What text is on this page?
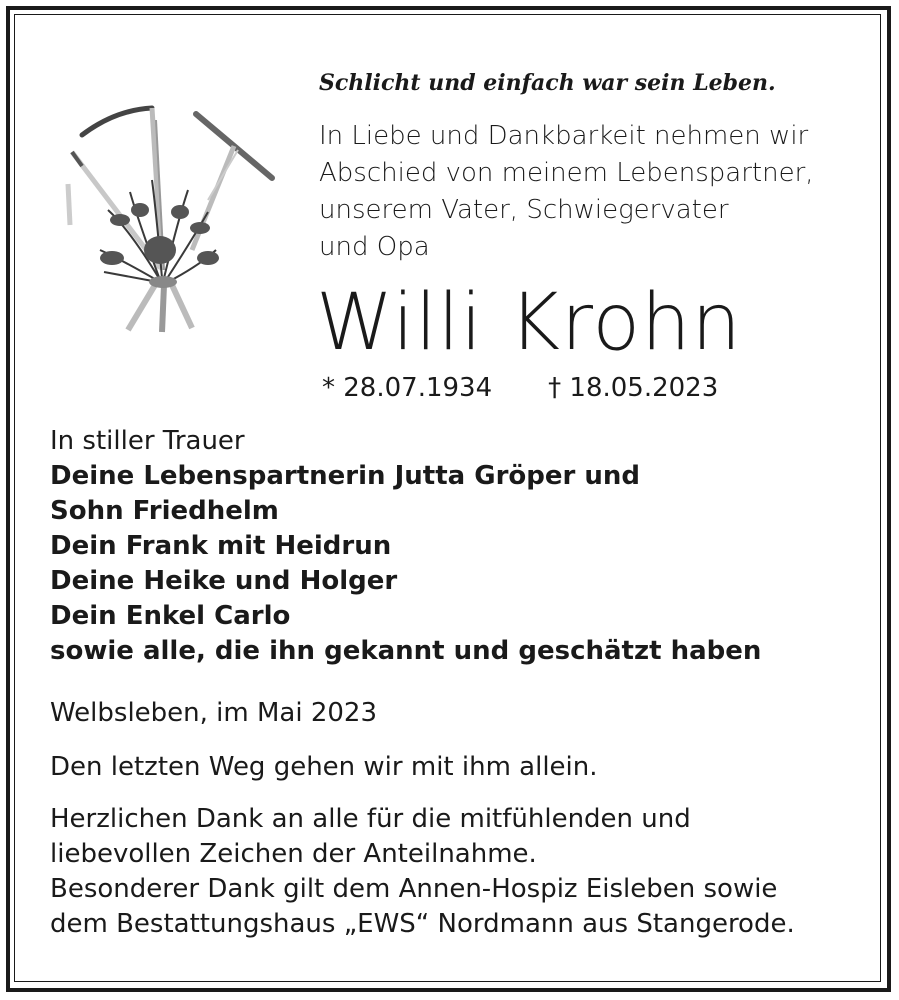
Schlicht und einfach war sein Leben.

In Liebe und Dankbarkeit nehmen wir
Abschied von meinem Lebenspartner,
unserem Vater, Schwiegervater
und Opa
Willi Krohn
* 28.07.1934 † 18.05.2023
In stiller Trauer
Deine Lebenspartnerin Jutta Gröper und
Sohn Friedhelm
Dein Frank mit Heidrun
Deine Heike und Holger
Dein Enkel Carlo
sowie alle, die ihn gekannt und geschätzt haben

Welbsleben, im Mai 2023

Den letzten Weg gehen wir mit ihm allein.

Herzlichen Dank an alle für die mitfühlenden und
liebevollen Zeichen der Anteilnahme.
Besonderer Dank gilt dem Annen-Hospiz Eisleben sowie
dem Bestattungshaus „EWS“ Nordmann aus Stangerode.
